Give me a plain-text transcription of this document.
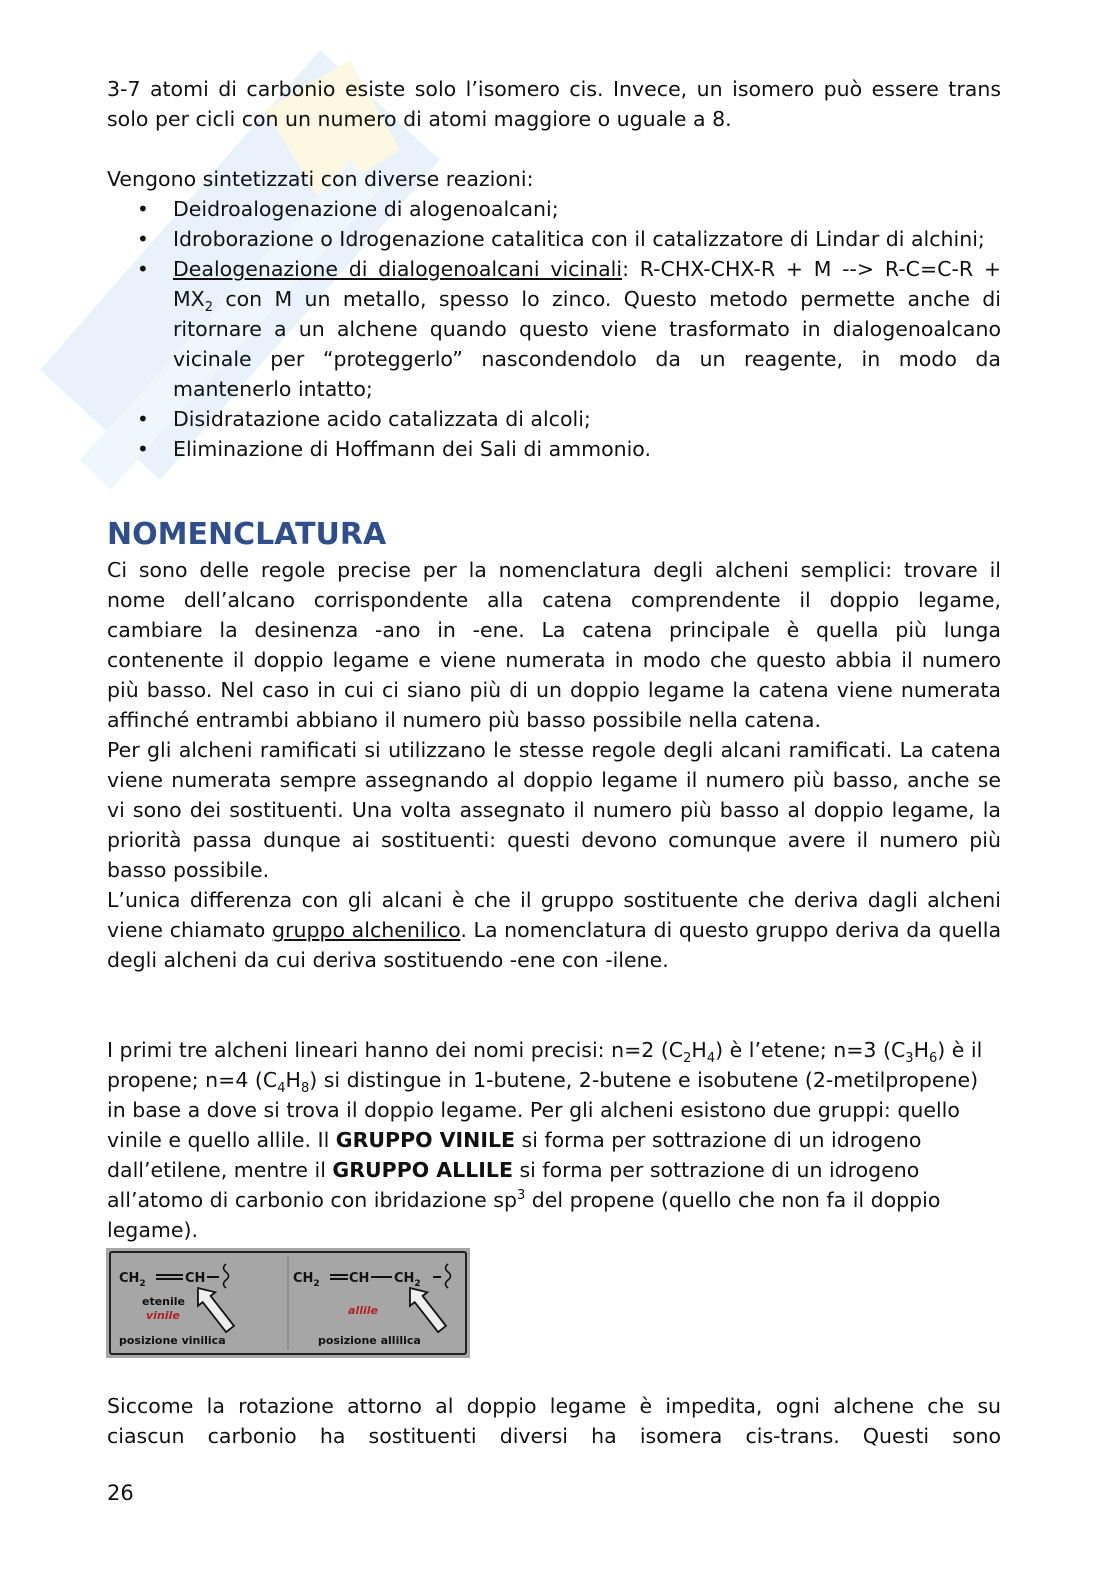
3-7 atomi di carbonio esiste solo l’isomero cis. Invece, un isomero può essere trans solo per cicli con un numero di atomi maggiore o uguale a 8.

Vengono sintetizzati con diverse reazioni:

• Deidroalogenazione di alogenoalcani;
• Idroborazione o Idrogenazione catalitica con il catalizzatore di Lindar di alchini;
• Dealogenazione di dialogenoalcani vicinali: R-CHX-CHX-R + M --> $R-C=C-R + MX_2$ con M un metallo, spesso lo zinco. Questo metodo permette anche di ritornare a un alchene quando questo viene trasformato in dialogenoalcano vicinale per “proteggerlo” nascondendolo da un reagente, in modo da mantenerlo intatto;
• Disidratazione acido catalizzata di alcoli;
• Eliminazione di Hoffmann dei Sali di ammonio.
NOMENCLATURA

Ci sono delle regole precise per la nomenclatura degli alcheni semplici: trovare il nome dell’alcano corrispondente alla catena comprendente il doppio legame, cambiare la desinenza -ano in -ene. La catena principale è quella più lunga contenente il doppio legame e viene numerata in modo che questo abbia il numero più basso. Nel caso in cui ci siano più di un doppio legame la catena viene numerata affinché entrambi abbiano il numero più basso possibile nella catena.

Per gli alcheni ramificati si utilizzano le stesse regole degli alcani ramificati. La catena viene numerata sempre assegnando al doppio legame il numero più basso, anche se vi sono dei sostituenti. Una volta assegnato il numero più basso al doppio legame, la priorità passa dunque ai sostituenti: questi devono comunque avere il numero più basso possibile.

L’unica differenza con gli alcani è che il gruppo sostituente che deriva dagli alcheni viene chiamato gruppo alchenilico. La nomenclatura di questo gruppo deriva da quella degli alcheni da cui deriva sostituendo -ene con -ilene.

I primi tre alcheni lineari hanno dei nomi precisi: n=2 $(C_2H_4)$ è l’etene; n=3 $(C_3H_6)$ è il propene; n=4 $(C_4H_8)$ si distingue in 1-butene, 2-butene e isobutene (2-metilpropene) in base a dove si trova il doppio legame. Per gli alcheni esistono due gruppi: quello vinile e quello allile. Il GRUPPO VINILE si forma per sottrazione di un idrogeno dall’etilene, mentre il GRUPPO ALLILE si forma per sottrazione di un idrogeno all’atomo di carbonio con ibridazione $sp^3$ del propene (quello che non fa il doppio legame).

$CH_2$	CH
etenile
vinile
posizione vinilica
$CH_2$ CH $CH_2$
allile
posizione allilica

Siccome la rotazione attorno al doppio legame è impedita, ogni alchene che su

ciascun carbonio ha sostituenti diversi ha isomera cis-trans. Questi sono

26
